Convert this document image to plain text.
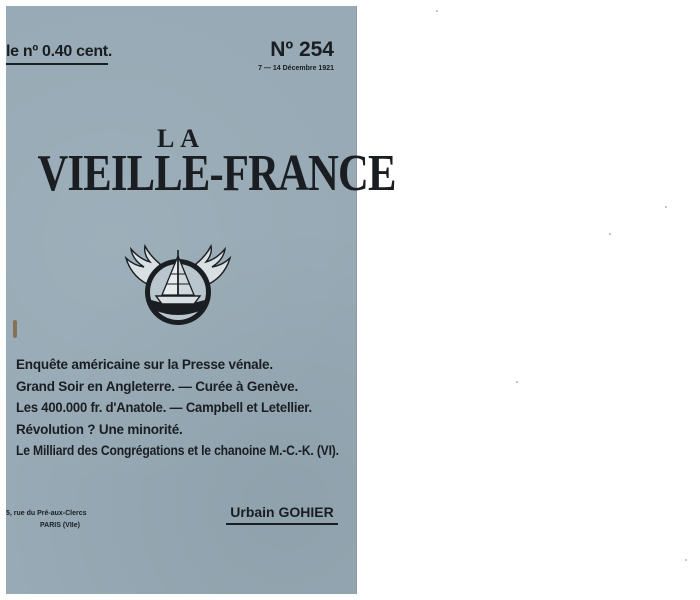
le nº 0.40 cent.	Nº 254
7 — 14 Décembre 1921
LA
VIEILLE-FRANCE
Enquête américaine sur la Presse vénale.
Grand Soir en Angleterre. — Curée à Genève.
Les 400.000 fr. d'Anatole. — Campbell et Letellier.
Révolution ? Une minorité.
Le Milliard des Congrégations et le chanoine M.-C.-K. (VI).
5, rue du Pré-aux-Clercs
PARIS (VIIe)
Urbain GOHIER
